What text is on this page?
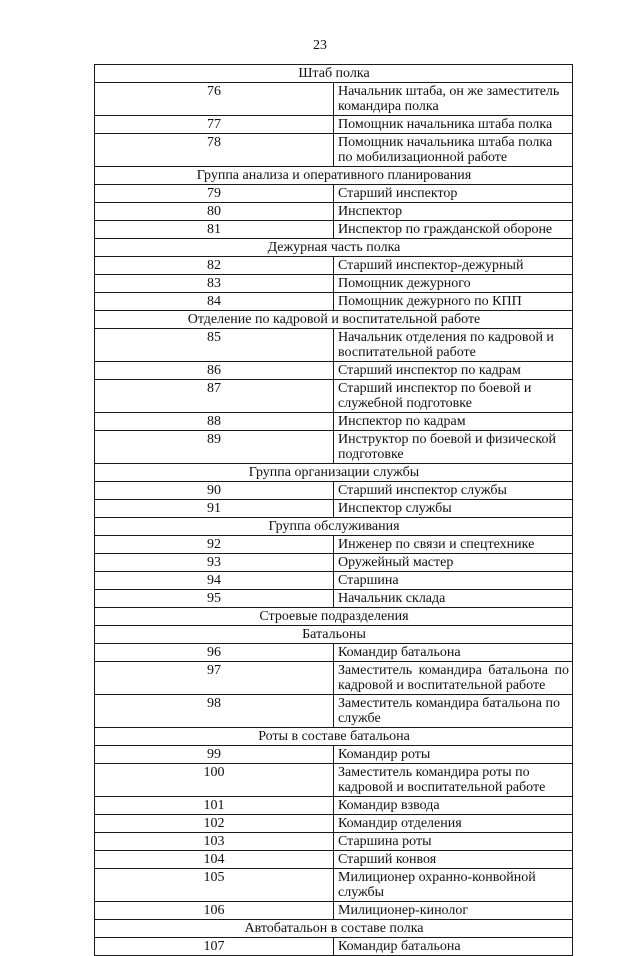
23
Штаб полка	
76	Начальник штаба, он же заместитель командира полка
77	Помощник начальника штаба полка
78	Помощник начальника штаба полка по мобилизационной работе
Группа анализа и оперативного планирования	
79	Старший инспектор
80	Инспектор
81	Инспектор по гражданской обороне
Дежурная часть полка	
82	Старший инспектор-дежурный
83	Помощник дежурного
84	Помощник дежурного по КПП
Отделение по кадровой и воспитательной работе	
85	Начальник отделения по кадровой и воспитательной работе
86	Старший инспектор по кадрам
87	Старший инспектор по боевой и служебной подготовке
88	Инспектор по кадрам
89	Инструктор по боевой и физической подготовке
Группа организации службы	
90	Старший инспектор службы
91	Инспектор службы
Группа обслуживания	
92	Инженер по связи и спецтехнике
93	Оружейный мастер
94	Старшина
95	Начальник склада
Строевые подразделения	
Батальоны	
96	Командир батальона
97	Заместитель командира батальона по кадровой и воспитательной работе
98	Заместитель командира батальона по службе
Роты в составе батальона	
99	Командир роты
100	Заместитель командира роты по кадровой и воспитательной работе
101	Командир взвода
102	Командир отделения
103	Старшина роты
104	Старший конвоя
105	Милиционер охранно-конвойной службы
106	Милиционер-кинолог
Автобатальон в составе полка	
107	Командир батальона
